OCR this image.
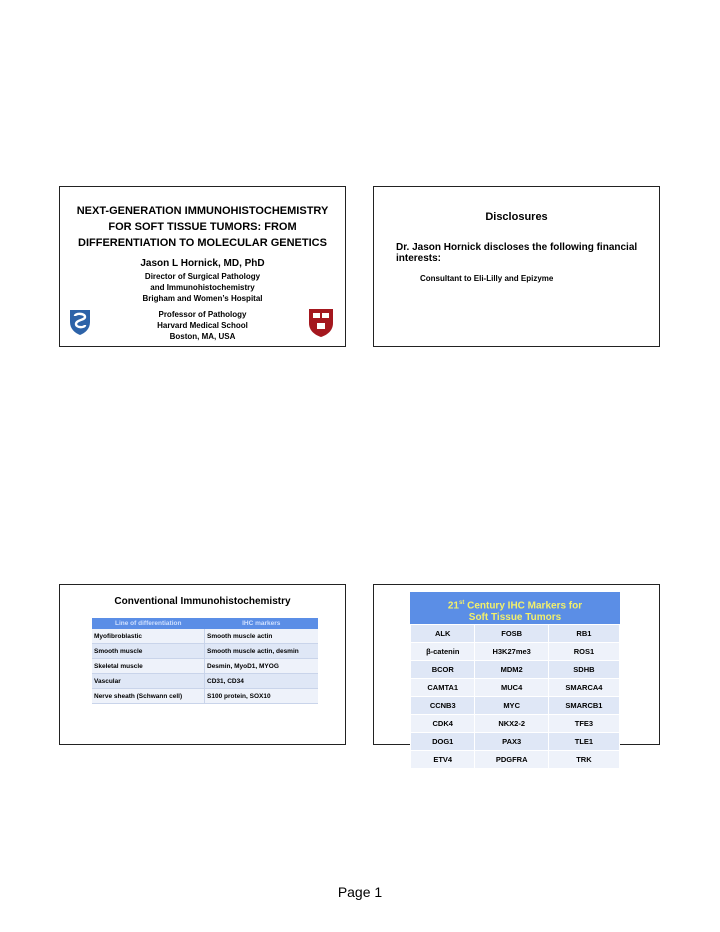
NEXT-GENERATION IMMUNOHISTOCHEMISTRY
FOR SOFT TISSUE TUMORS: FROM
DIFFERENTIATION TO MOLECULAR GENETICS
Jason L Hornick, MD, PhD
Director of Surgical Pathology
and Immunohistochemistry
Brigham and Women’s Hospital
Professor of Pathology
Harvard Medical School
Boston, MA, USA
Disclosures
Dr. Jason Hornick discloses the following financial interests:
Consultant to Eli-Lilly and Epizyme
Conventional Immunohistochemistry
Line of differentiation	IHC markers
Myofibroblastic	Smooth muscle actin
Smooth muscle	Smooth muscle actin, desmin
Skeletal muscle	Desmin, MyoD1, MYOG
Vascular	CD31, CD34
Nerve sheath (Schwann cell)	S100 protein, SOX10
21st Century IHC Markers for
Soft Tissue Tumors
ALK	FOSB	RB1
β-catenin	H3K27me3	ROS1
BCOR	MDM2	SDHB
CAMTA1	MUC4	SMARCA4
CCNB3	MYC	SMARCB1
CDK4	NKX2-2	TFE3
DOG1	PAX3	TLE1
ETV4	PDGFRA	TRK
Page 1
